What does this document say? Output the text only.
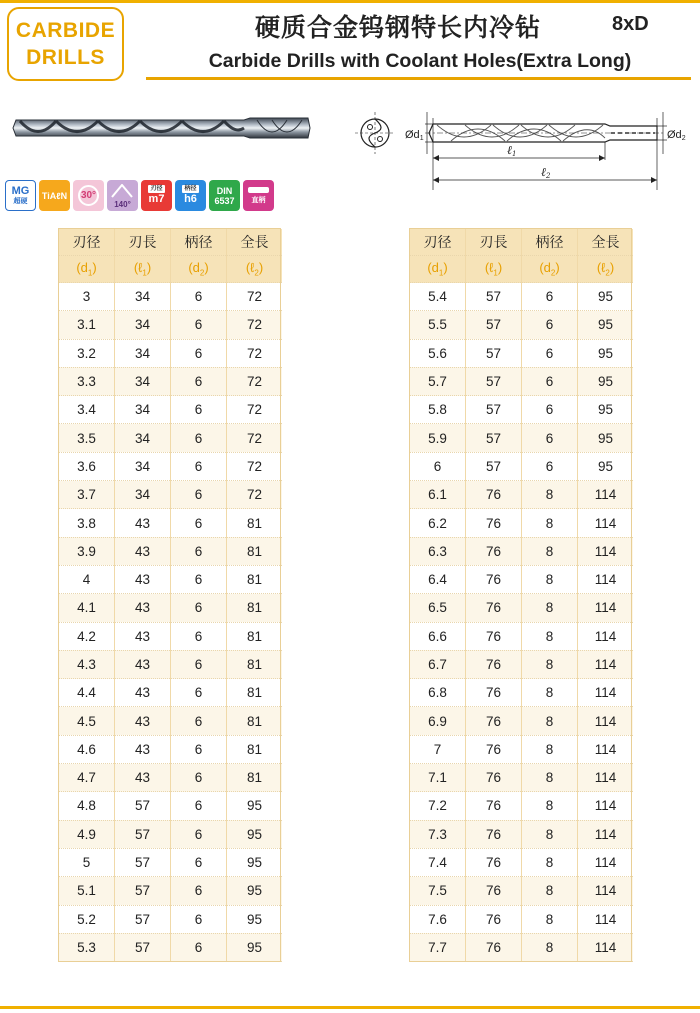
CARBIDE
DRILLS
硬质合金钨钢特长内冷钻	8xD
Carbide Drills with Coolant Holes(Extra Long)
Ød1	Ød2
ℓ1
ℓ2
MG
超硬
TiAℓN 30°
140°
刃径
m7
柄径
h6
DIN
6537 直柄
刃径	刃長	柄径	全長
$(d_1)$	(ℓ$_1$)	$(d_2)$	(ℓ$_2$)
3	34	6	72
3.1	34	6	72
3.2	34	6	72
3.3	34	6	72
3.4	34	6	72
3.5	34	6	72
3.6	34	6	72
3.7	34	6	72
3.8	43	6	81
3.9	43	6	81
4	43	6	81
4.1	43	6	81
4.2	43	6	81
4.3	43	6	81
4.4	43	6	81
4.5	43	6	81
4.6	43	6	81
4.7	43	6	81
4.8	57	6	95
4.9	57	6	95
5	57	6	95
5.1	57	6	95
5.2	57	6	95
5.3	57	6	95
刃径	刃長	柄径	全長
$(d_1)$	(ℓ$_1$)	$(d_2)$	(ℓ$_2$)
5.4	57	6	95
5.5	57	6	95
5.6	57	6	95
5.7	57	6	95
5.8	57	6	95
5.9	57	6	95
6	57	6	95
6.1	76	8	114
6.2	76	8	114
6.3	76	8	114
6.4	76	8	114
6.5	76	8	114
6.6	76	8	114
6.7	76	8	114
6.8	76	8	114
6.9	76	8	114
7	76	8	114
7.1	76	8	114
7.2	76	8	114
7.3	76	8	114
7.4	76	8	114
7.5	76	8	114
7.6	76	8	114
7.7	76	8	114
